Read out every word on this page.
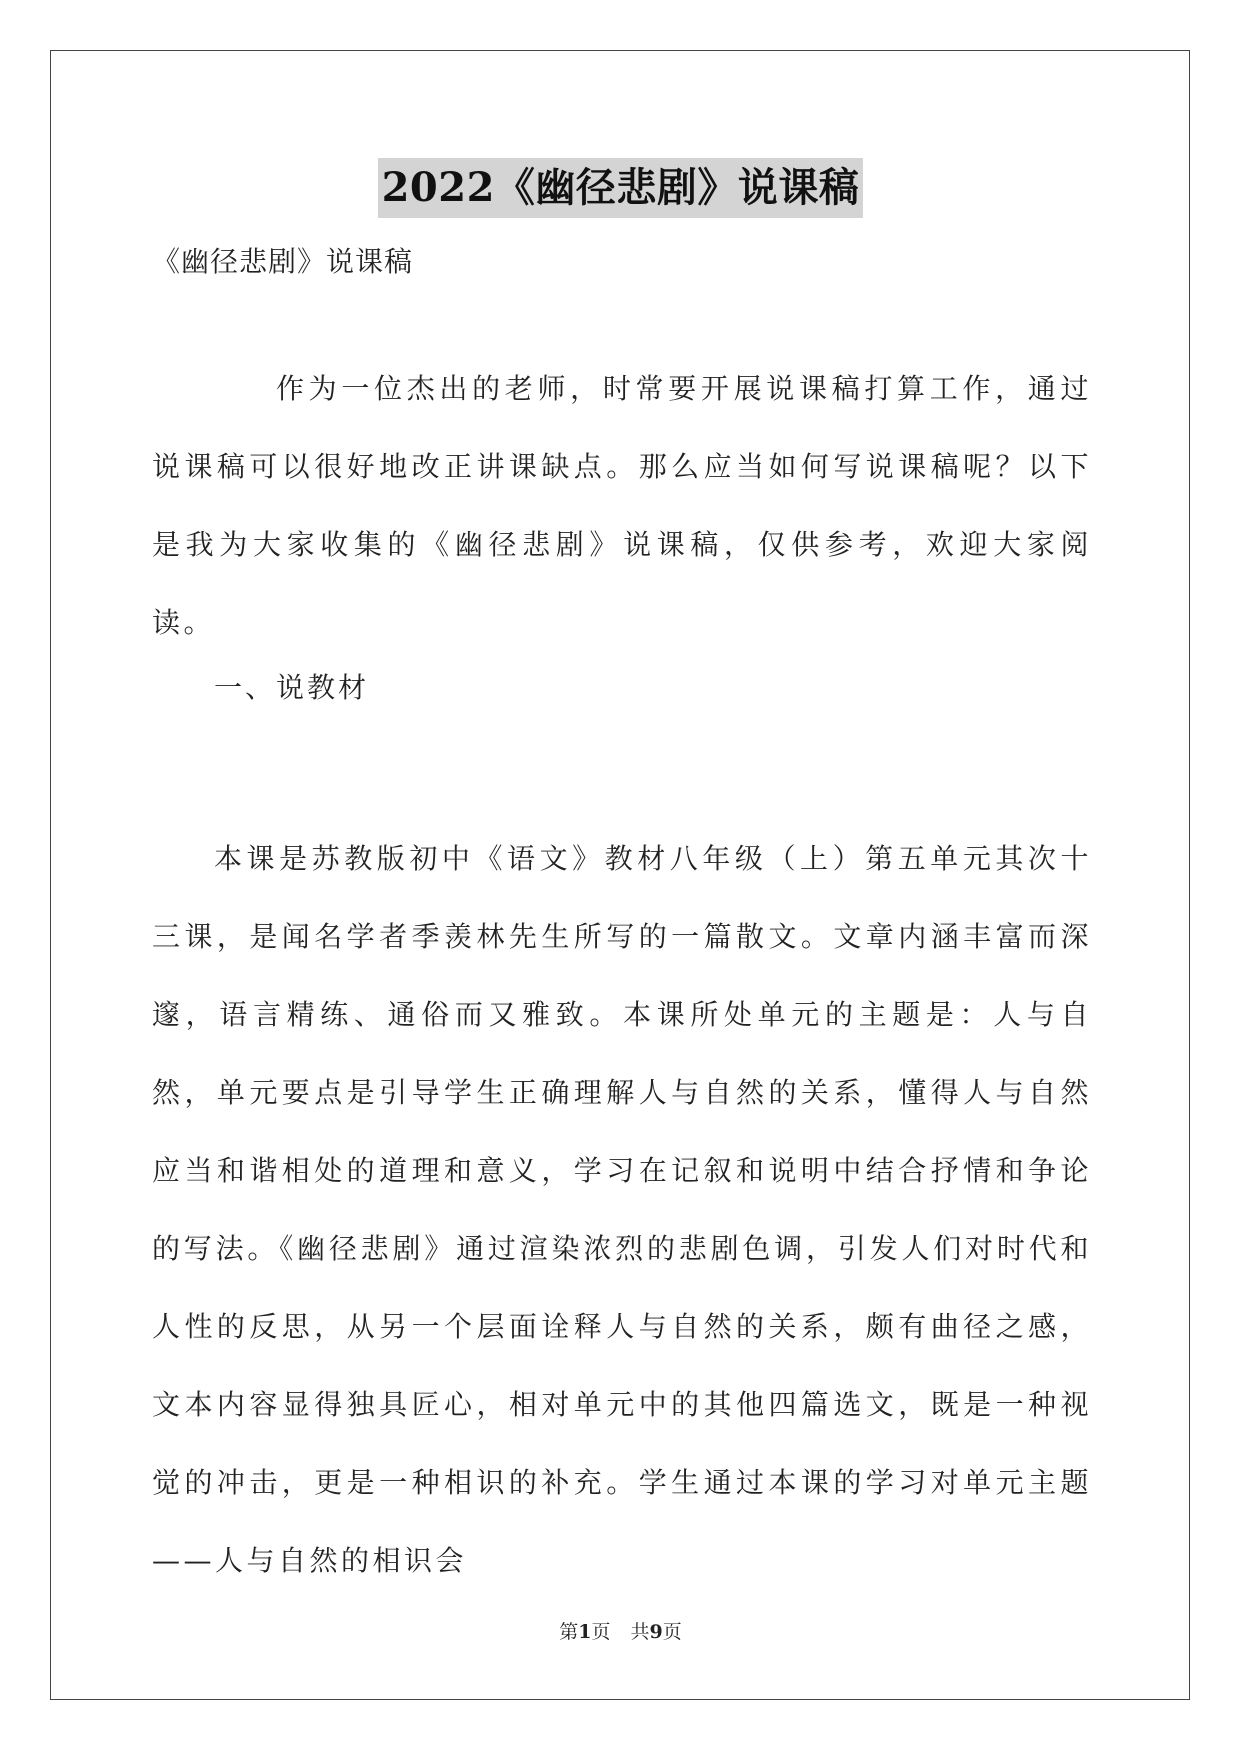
2022《幽径悲剧》说课稿
《幽径悲剧》说课稿
作为一位杰出的老师，时常要开展说课稿打算工作，通过说课稿可以很好地改正讲课缺点。那么应当如何写说课稿呢？以下是我为大家收集的《幽径悲剧》说课稿，仅供参考，欢迎大家阅读。
一、说教材
本课是苏教版初中《语文》教材八年级（上）第五单元其次十三课，是闻名学者季羡林先生所写的一篇散文。文章内涵丰富而深邃，语言精练、通俗而又雅致。本课所处单元的主题是：人与自然，单元要点是引导学生正确理解人与自然的关系，懂得人与自然应当和谐相处的道理和意义，学习在记叙和说明中结合抒情和争论的写法。《幽径悲剧》通过渲染浓烈的悲剧色调，引发人们对时代和人性的反思，从另一个层面诠释人与自然的关系，颇有曲径之感，文本内容显得独具匠心，相对单元中的其他四篇选文，既是一种视觉的冲击，更是一种相识的补充。学生通过本课的学习对单元主题——人与自然的相识会
第1页 共9页
